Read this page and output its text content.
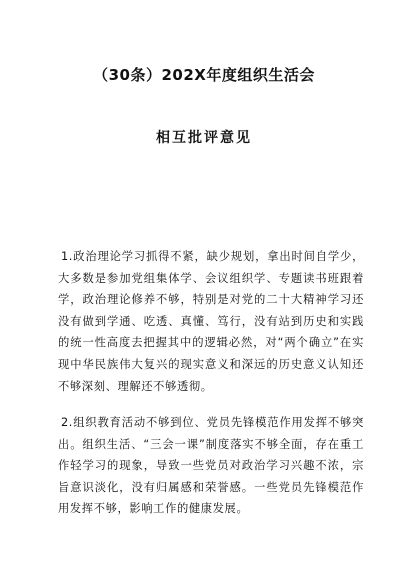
（30条）202X年度组织生活会
相互批评意见
1.政治理论学习抓得不紧，缺少规划，拿出时间自学少，大多数是参加党组集体学、会议组织学、专题读书班跟着学，政治理论修养不够，特别是对党的二十大精神学习还没有做到学通、吃透、真懂、笃行，没有站到历史和实践的统一性高度去把握其中的逻辑必然，对“两个确立”在实现中华民族伟大复兴的现实意义和深远的历史意义认知还不够深刻、理解还不够透彻。
2.组织教育活动不够到位、党员先锋模范作用发挥不够突出。组织生活、“三会一课”制度落实不够全面，存在重工作轻学习的现象，导致一些党员对政治学习兴趣不浓，宗旨意识淡化，没有归属感和荣誉感。一些党员先锋模范作用发挥不够，影响工作的健康发展。
